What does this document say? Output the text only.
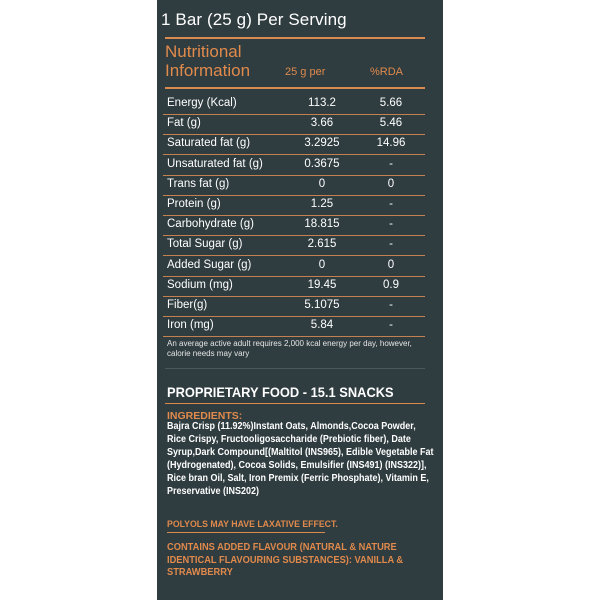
1 Bar (25 g) Per Serving
Nutritional Information	25 g per	%RDA
Energy (Kcal)	113.2	5.66
Fat (g)	3.66	5.46
Saturated fat (g)	3.2925	14.96
Unsaturated fat (g)	0.3675	-
Trans fat (g)	0	0
Protein (g)	1.25	-
Carbohydrate (g)	18.815	-
Total Sugar (g)	2.615	-
Added Sugar (g)	0	0
Sodium (mg)	19.45	0.9
Fiber(g)	5.1075	-
Iron (mg)	5.84	-
An average active adult requires 2,000 kcal energy per day, however, calorie needs may vary
PROPRIETARY FOOD - 15.1 SNACKS
INGREDIENTS:
Bajra Crisp (11.92%)Instant Oats, Almonds,Cocoa Powder, Rice Crispy, Fructooligosaccharide (Prebiotic fiber), Date Syrup,Dark Compound[(Maltitol (INS965), Edible Vegetable Fat (Hydrogenated), Cocoa Solids, Emulsifier (INS491) (INS322)], Rice bran Oil, Salt, Iron Premix (Ferric Phosphate), Vitamin E, Preservative (INS202)
POLYOLS MAY HAVE LAXATIVE EFFECT.
CONTAINS ADDED FLAVOUR (NATURAL & NATURE IDENTICAL FLAVOURING SUBSTANCES): VANILLA & STRAWBERRY
